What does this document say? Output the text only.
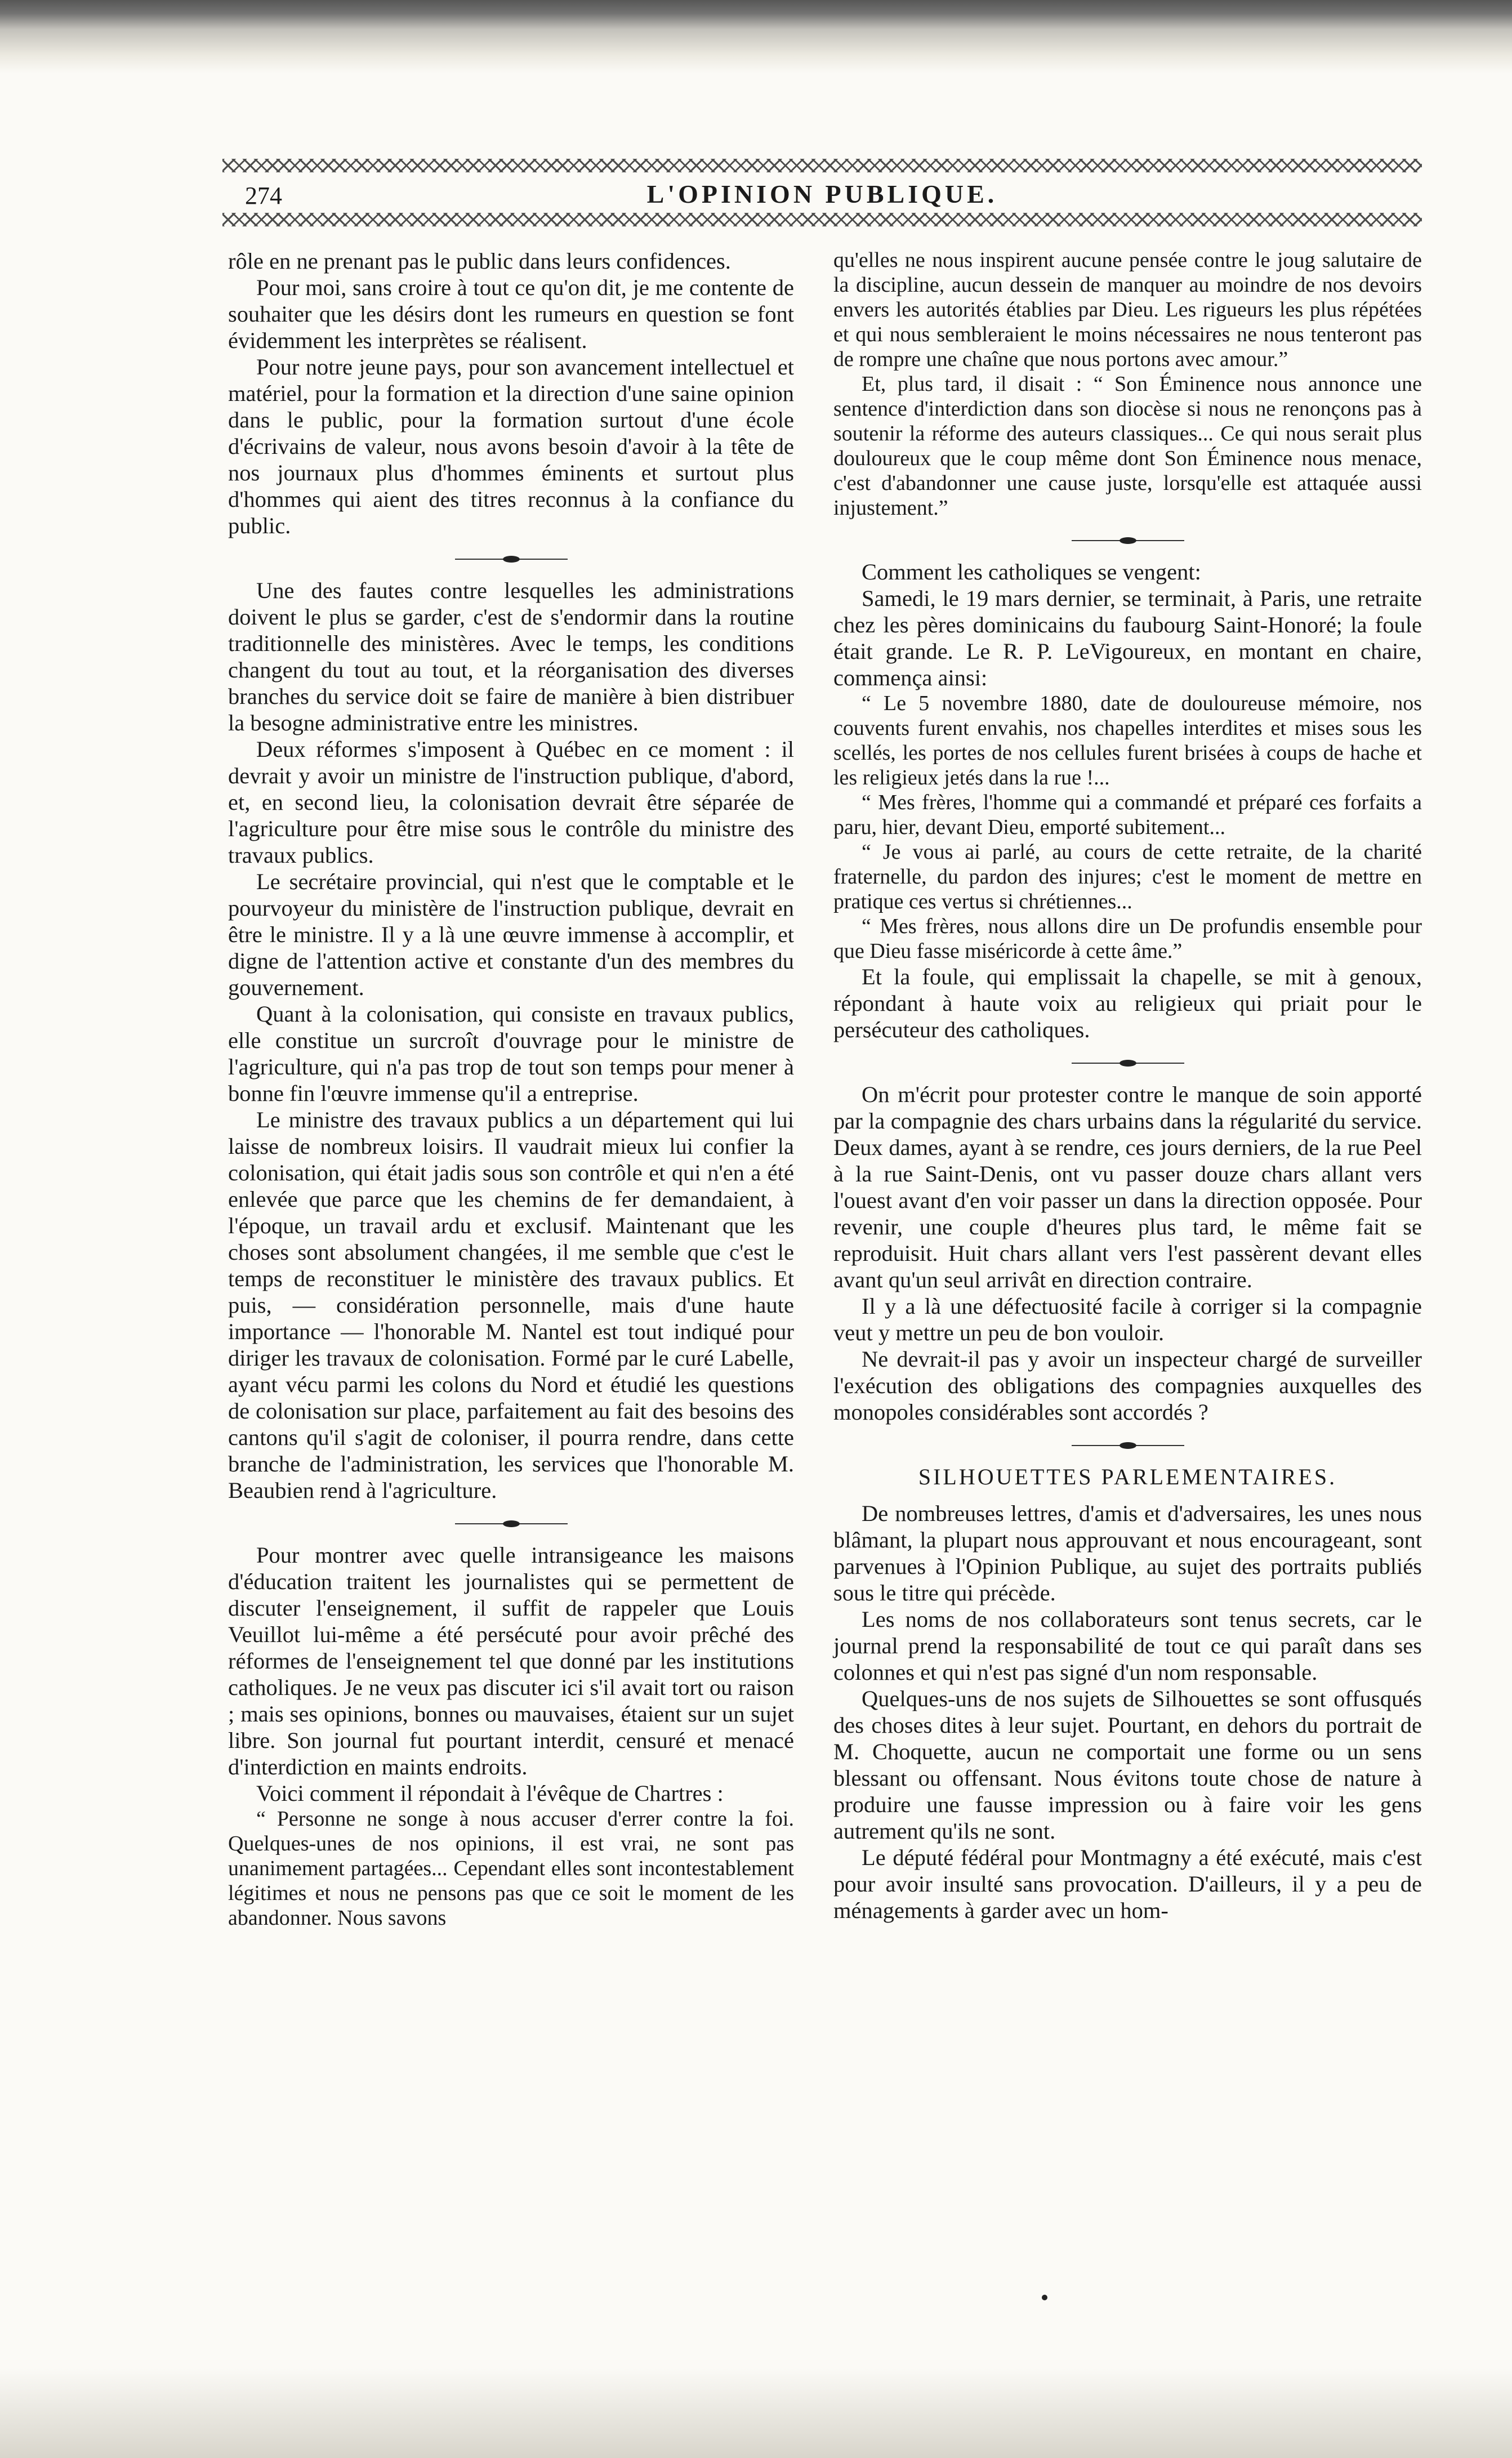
274	L'OPINION PUBLIQUE.

rôle en ne prenant pas le public dans leurs confidences.

Pour moi, sans croire à tout ce qu'on dit, je me contente de souhaiter que les désirs dont les rumeurs en question se font évidemment les interprètes se réalisent.

Pour notre jeune pays, pour son avancement intellectuel et matériel, pour la formation et la direction d'une saine opinion dans le public, pour la formation surtout d'une école d'écrivains de valeur, nous avons besoin d'avoir à la tête de nos journaux plus d'hommes éminents et surtout plus d'hommes qui aient des titres reconnus à la confiance du public.

Une des fautes contre lesquelles les administrations doivent le plus se garder, c'est de s'endormir dans la routine traditionnelle des ministères. Avec le temps, les conditions changent du tout au tout, et la réorganisation des diverses branches du service doit se faire de manière à bien distribuer la besogne administrative entre les ministres.

Deux réformes s'imposent à Québec en ce moment : il devrait y avoir un ministre de l'instruction publique, d'abord, et, en second lieu, la colonisation devrait être séparée de l'agriculture pour être mise sous le contrôle du ministre des travaux publics.

Le secrétaire provincial, qui n'est que le comptable et le pourvoyeur du ministère de l'instruction publique, devrait en être le ministre. Il y a là une œuvre immense à accomplir, et digne de l'attention active et constante d'un des membres du gouvernement.

Quant à la colonisation, qui consiste en travaux publics, elle constitue un surcroît d'ouvrage pour le ministre de l'agriculture, qui n'a pas trop de tout son temps pour mener à bonne fin l'œuvre immense qu'il a entreprise.

Le ministre des travaux publics a un département qui lui laisse de nombreux loisirs. Il vaudrait mieux lui confier la colonisation, qui était jadis sous son contrôle et qui n'en a été enlevée que parce que les chemins de fer demandaient, à l'époque, un travail ardu et exclusif. Maintenant que les choses sont absolument changées, il me semble que c'est le temps de reconstituer le ministère des travaux publics. Et puis, — considération personnelle, mais d'une haute importance — l'honorable M. Nantel est tout indiqué pour diriger les travaux de colonisation. Formé par le curé Labelle, ayant vécu parmi les colons du Nord et étudié les questions de colonisation sur place, parfaitement au fait des besoins des cantons qu'il s'agit de coloniser, il pourra rendre, dans cette branche de l'administration, les services que l'honorable M. Beaubien rend à l'agriculture.

Pour montrer avec quelle intransigeance les maisons d'éducation traitent les journalistes qui se permettent de discuter l'enseignement, il suffit de rappeler que Louis Veuillot lui-même a été persécuté pour avoir prêché des réformes de l'enseignement tel que donné par les institutions catholiques. Je ne veux pas discuter ici s'il avait tort ou raison ; mais ses opinions, bonnes ou mauvaises, étaient sur un sujet libre. Son journal fut pourtant interdit, censuré et menacé d'interdiction en maints endroits.

Voici comment il répondait à l'évêque de Chartres :

“ Personne ne songe à nous accuser d'errer contre la foi. Quelques-unes de nos opinions, il est vrai, ne sont pas unanimement partagées... Cependant elles sont incontestablement légitimes et nous ne pensons pas que ce soit le moment de les abandonner. Nous savons

qu'elles ne nous inspirent aucune pensée contre le joug salutaire de la discipline, aucun dessein de manquer au moindre de nos devoirs envers les autorités établies par Dieu. Les rigueurs les plus répétées et qui nous sembleraient le moins nécessaires ne nous tenteront pas de rompre une chaîne que nous portons avec amour.”

Et, plus tard, il disait : “ Son Éminence nous annonce une sentence d'interdiction dans son diocèse si nous ne renonçons pas à soutenir la réforme des auteurs classiques... Ce qui nous serait plus douloureux que le coup même dont Son Éminence nous menace, c'est d'abandonner une cause juste, lorsqu'elle est attaquée aussi injustement.”

Comment les catholiques se vengent:

Samedi, le 19 mars dernier, se terminait, à Paris, une retraite chez les pères dominicains du faubourg Saint-Honoré; la foule était grande. Le R. P. LeVigoureux, en montant en chaire, commença ainsi:

“ Le 5 novembre 1880, date de douloureuse mémoire, nos couvents furent envahis, nos chapelles interdites et mises sous les scellés, les portes de nos cellules furent brisées à coups de hache et les religieux jetés dans la rue !...

“ Mes frères, l'homme qui a commandé et préparé ces forfaits a paru, hier, devant Dieu, emporté subitement...

“ Je vous ai parlé, au cours de cette retraite, de la charité fraternelle, du pardon des injures; c'est le moment de mettre en pratique ces vertus si chrétiennes...

“ Mes frères, nous allons dire un De profundis ensemble pour que Dieu fasse miséricorde à cette âme.”

Et la foule, qui emplissait la chapelle, se mit à genoux, répondant à haute voix au religieux qui priait pour le persécuteur des catholiques.

On m'écrit pour protester contre le manque de soin apporté par la compagnie des chars urbains dans la régularité du service. Deux dames, ayant à se rendre, ces jours derniers, de la rue Peel à la rue Saint-Denis, ont vu passer douze chars allant vers l'ouest avant d'en voir passer un dans la direction opposée. Pour revenir, une couple d'heures plus tard, le même fait se reproduisit. Huit chars allant vers l'est passèrent devant elles avant qu'un seul arrivât en direction contraire.

Il y a là une défectuosité facile à corriger si la compagnie veut y mettre un peu de bon vouloir.

Ne devrait-il pas y avoir un inspecteur chargé de surveiller l'exécution des obligations des compagnies auxquelles des monopoles considérables sont accordés ?

SILHOUETTES PARLEMENTAIRES.

De nombreuses lettres, d'amis et d'adversaires, les unes nous blâmant, la plupart nous approuvant et nous encourageant, sont parvenues à l'Opinion Publique, au sujet des portraits publiés sous le titre qui précède.

Les noms de nos collaborateurs sont tenus secrets, car le journal prend la responsabilité de tout ce qui paraît dans ses colonnes et qui n'est pas signé d'un nom responsable.

Quelques-uns de nos sujets de Silhouettes se sont offusqués des choses dites à leur sujet. Pourtant, en dehors du portrait de M. Choquette, aucun ne comportait une forme ou un sens blessant ou offensant. Nous évitons toute chose de nature à produire une fausse impression ou à faire voir les gens autrement qu'ils ne sont.

Le député fédéral pour Montmagny a été exécuté, mais c'est pour avoir insulté sans provocation. D'ailleurs, il y a peu de ménagements à garder avec un hom-
